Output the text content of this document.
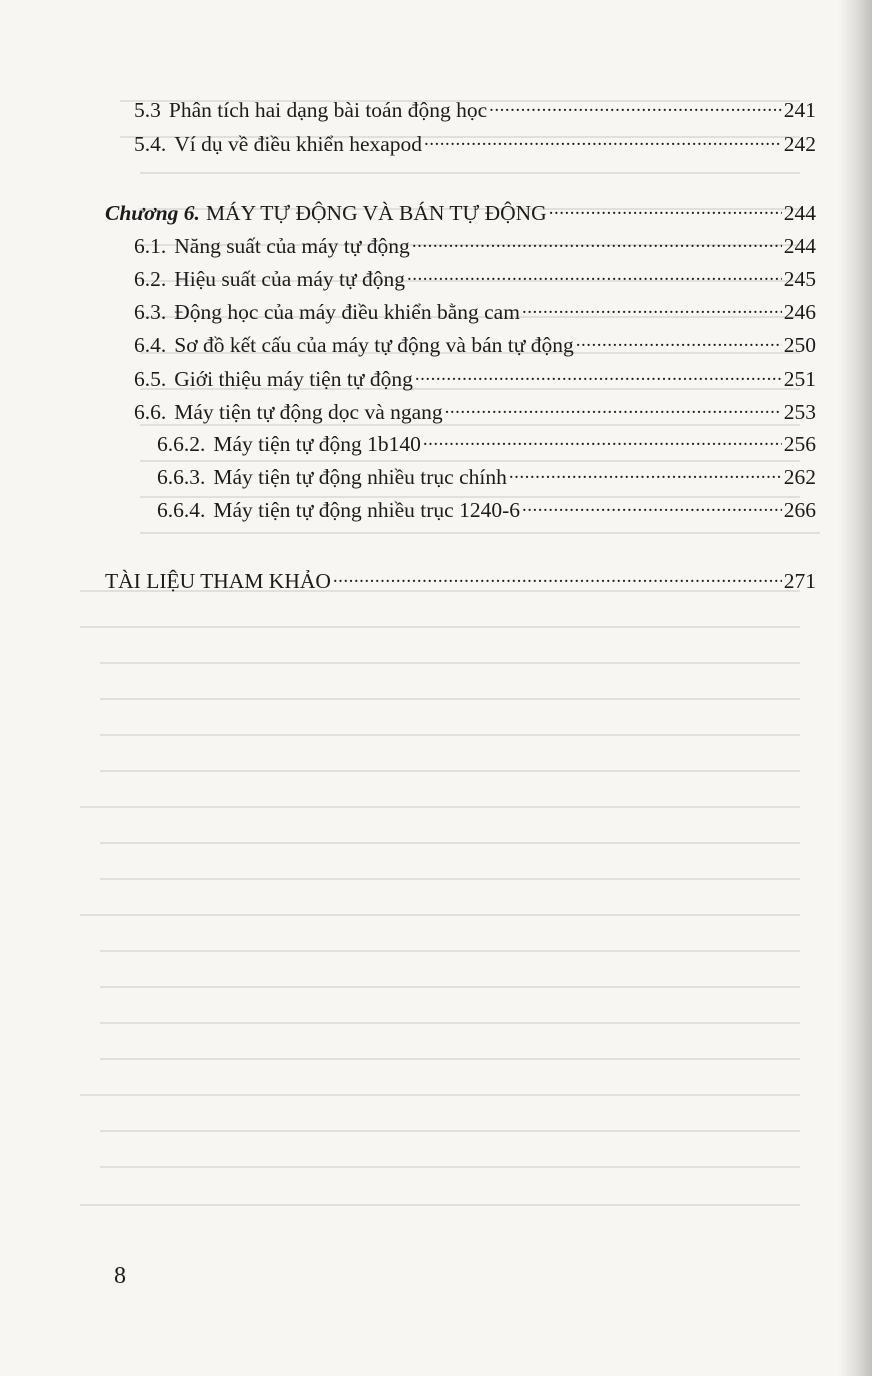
5.3 Phân tích hai dạng bài toán động học .....	241
5.4. Ví dụ về điều khiển hexapod .....	242
Chương 6. MÁY TỰ ĐỘNG VÀ BÁN TỰ ĐỘNG .....	244
6.1. Năng suất của máy tự động .....	244
6.2. Hiệu suất của máy tự động .....	245
6.3. Động học của máy điều khiển bằng cam .....	246
6.4. Sơ đồ kết cấu của máy tự động và bán tự động .....	250
6.5. Giới thiệu máy tiện tự động .....	251
6.6. Máy tiện tự động dọc và ngang .....	253
6.6.2. Máy tiện tự động 1b140 .....	256
6.6.3. Máy tiện tự động nhiều trục chính .....	262
6.6.4. Máy tiện tự động nhiều trục 1240-6 .....	266
TÀI LIỆU THAM KHẢO .....	271
8
